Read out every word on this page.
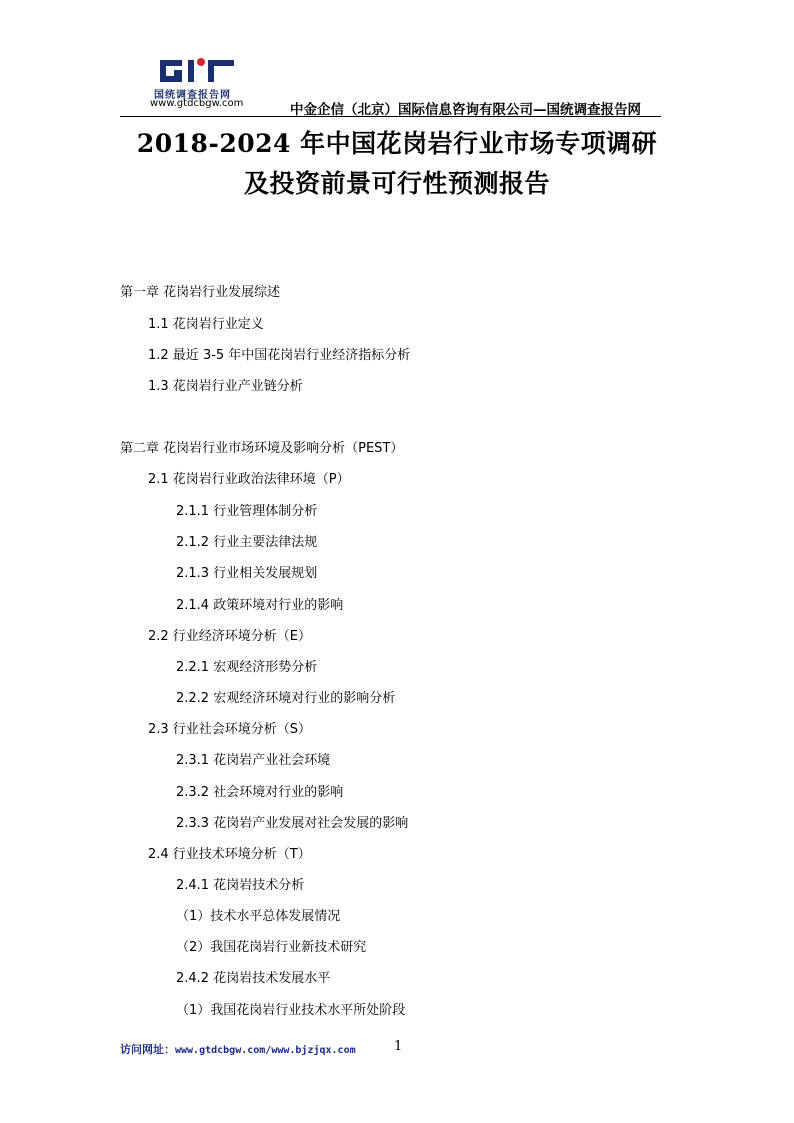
国统调查报告网
www.gtdcbgw.com	中金企信（北京）国际信息咨询有限公司—国统调查报告网
2018-2024 年中国花岗岩行业市场专项调研
及投资前景可行性预测报告
第一章 花岗岩行业发展综述
1.1 花岗岩行业定义
1.2 最近 3-5 年中国花岗岩行业经济指标分析
1.3 花岗岩行业产业链分析
第二章 花岗岩行业市场环境及影响分析（PEST）
2.1 花岗岩行业政治法律环境（P）
2.1.1 行业管理体制分析
2.1.2 行业主要法律法规
2.1.3 行业相关发展规划
2.1.4 政策环境对行业的影响
2.2 行业经济环境分析（E）
2.2.1 宏观经济形势分析
2.2.2 宏观经济环境对行业的影响分析
2.3 行业社会环境分析（S）
2.3.1 花岗岩产业社会环境
2.3.2 社会环境对行业的影响
2.3.3 花岗岩产业发展对社会发展的影响
2.4 行业技术环境分析（T）
2.4.1 花岗岩技术分析
（1）技术水平总体发展情况
（2）我国花岗岩行业新技术研究
2.4.2 花岗岩技术发展水平
（1）我国花岗岩行业技术水平所处阶段
访问网址：www.gtdcbgw.com/www.bjzjqx.com	1
